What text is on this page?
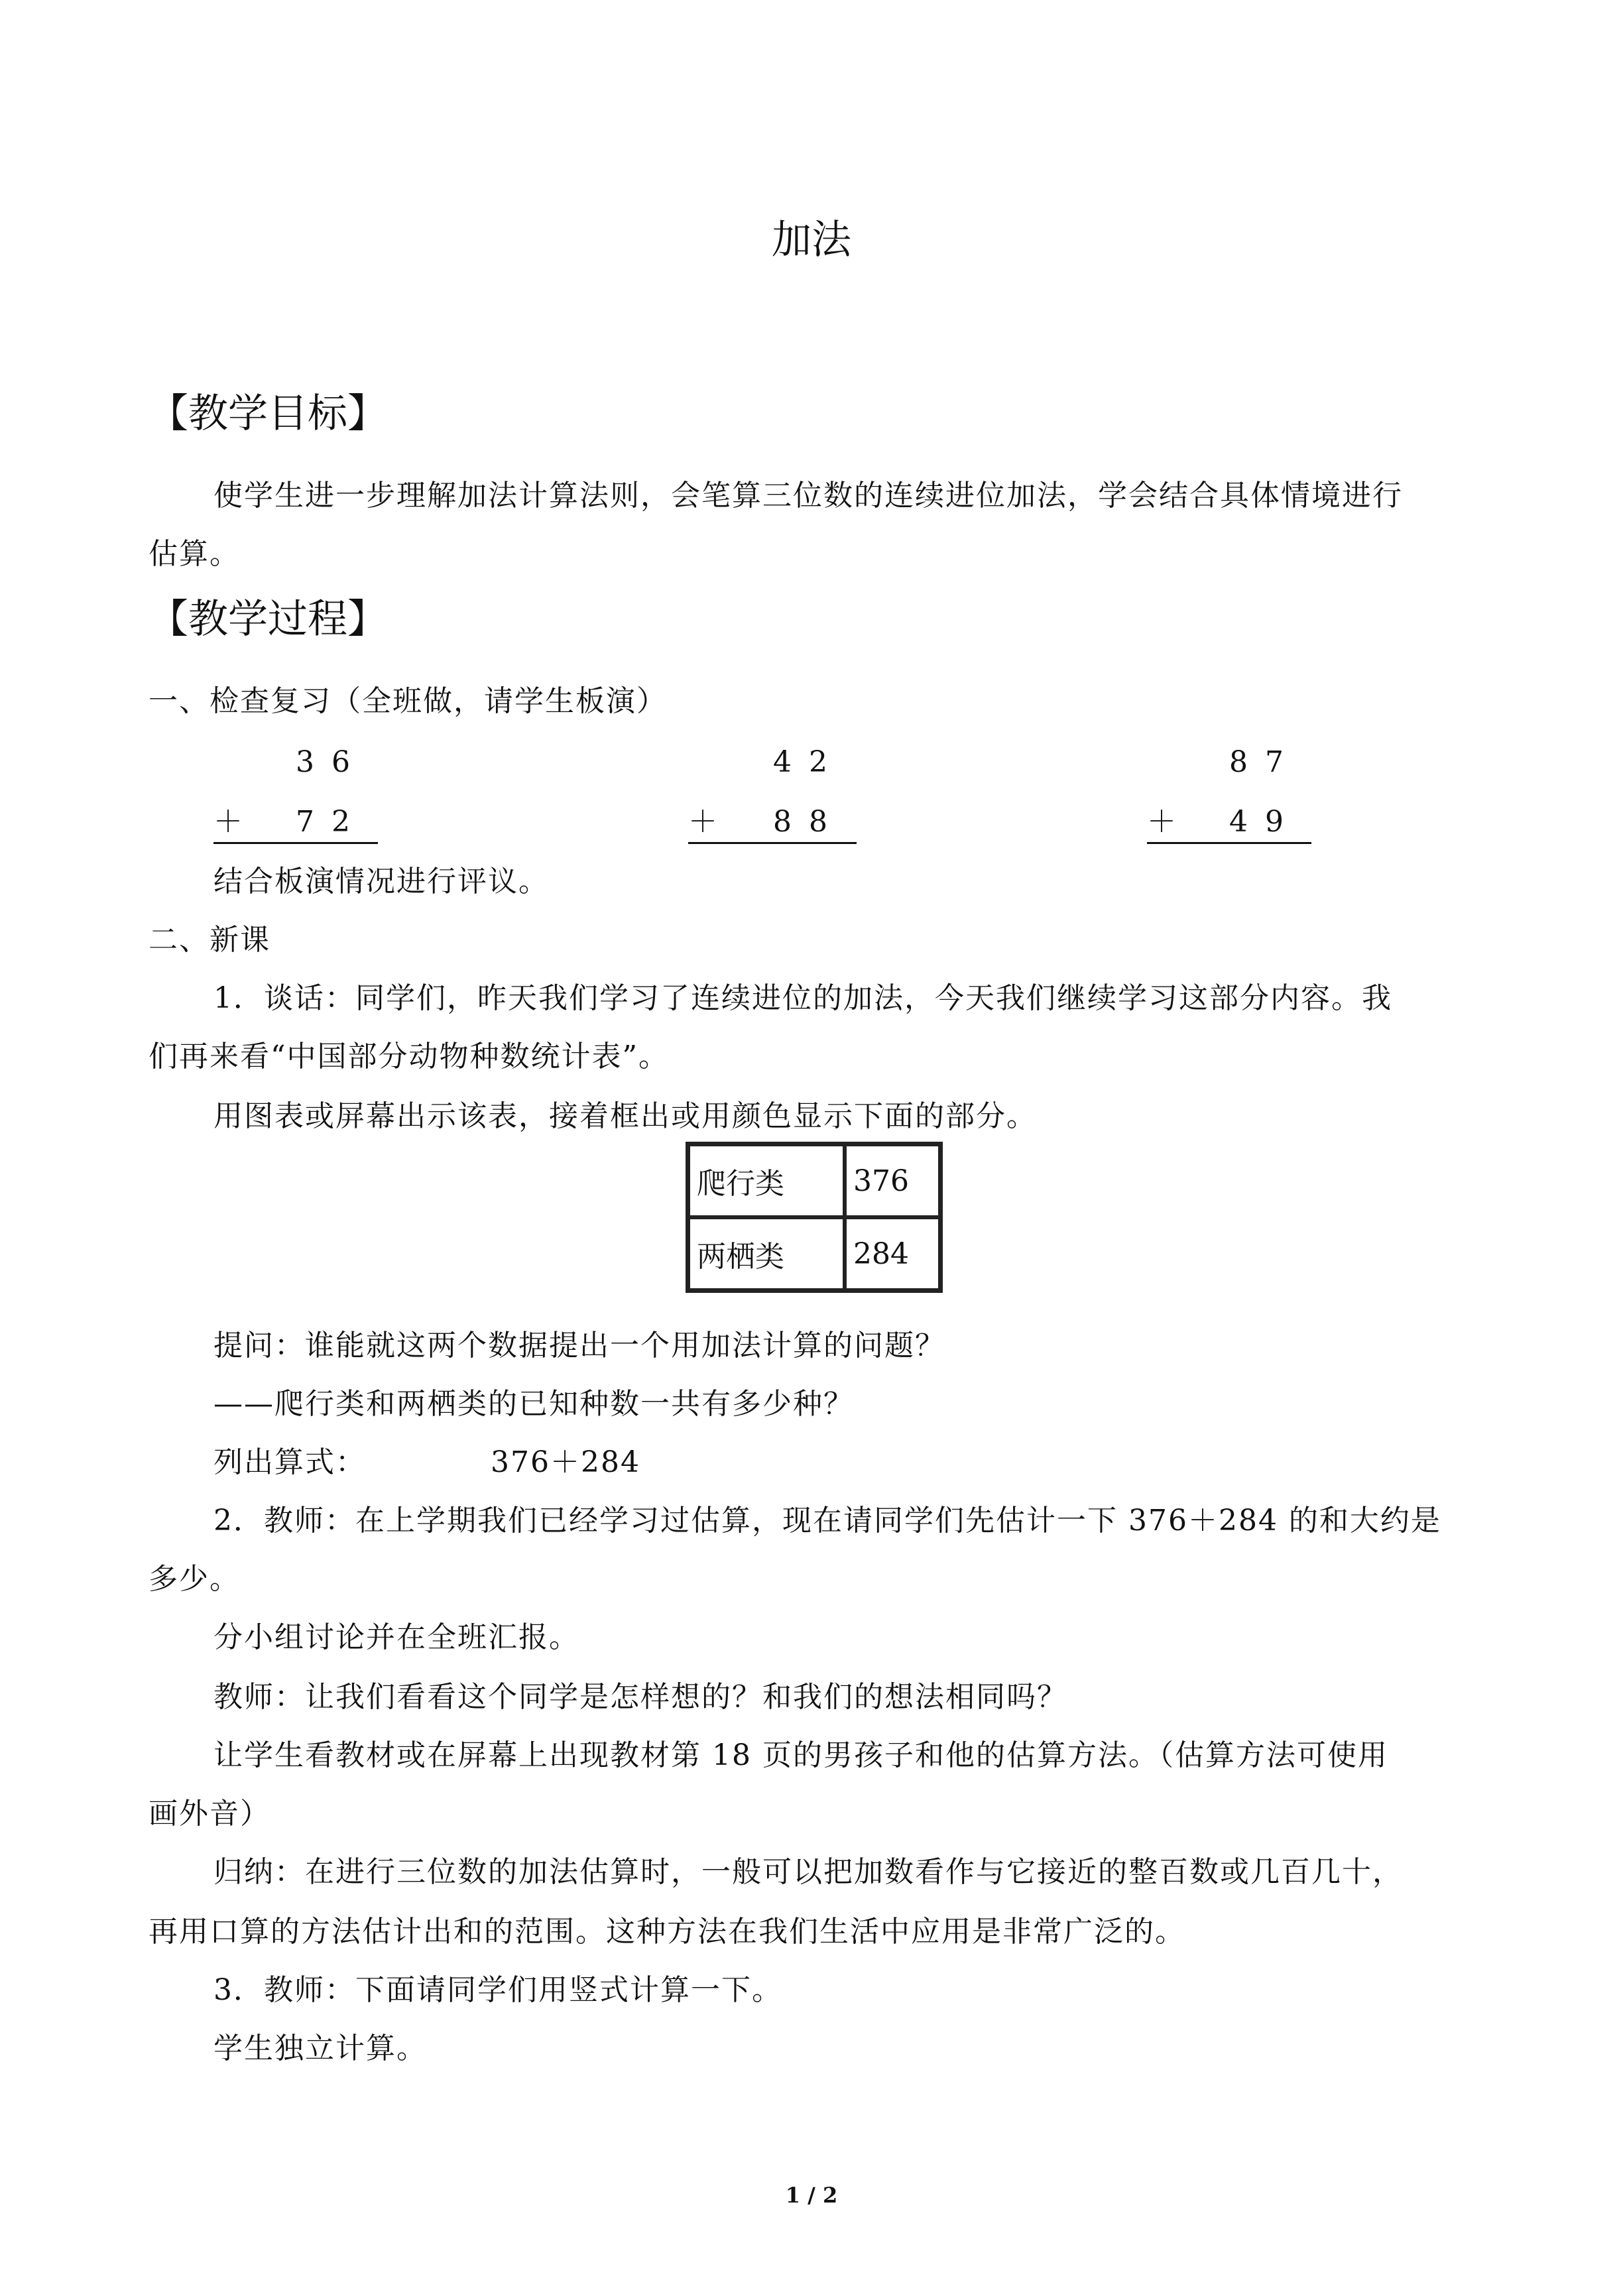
加法
【教学目标】
使学生进一步理解加法计算法则，会笔算三位数的连续进位加法，学会结合具体情境进行
估算。
【教学过程】
一、检查复习（全班做，请学生板演）
36
＋ 72
42
＋ 88
87
＋ 49
结合板演情况进行评议。
二、新课
1．谈话：同学们，昨天我们学习了连续进位的加法，今天我们继续学习这部分内容。我
们再来看“中国部分动物种数统计表”。
用图表或屏幕出示该表，接着框出或用颜色显示下面的部分。
爬行类	376
两栖类	284
提问：谁能就这两个数据提出一个用加法计算的问题？
——爬行类和两栖类的已知种数一共有多少种？
列出算式：	376＋284
2．教师：在上学期我们已经学习过估算，现在请同学们先估计一下 376＋284 的和大约是
多少。
分小组讨论并在全班汇报。
教师：让我们看看这个同学是怎样想的？和我们的想法相同吗？
让学生看教材或在屏幕上出现教材第 18 页的男孩子和他的估算方法。（估算方法可使用
画外音）
归纳：在进行三位数的加法估算时，一般可以把加数看作与它接近的整百数或几百几十，
再用口算的方法估计出和的范围。这种方法在我们生活中应用是非常广泛的。
3．教师：下面请同学们用竖式计算一下。
学生独立计算。
1 / 2
